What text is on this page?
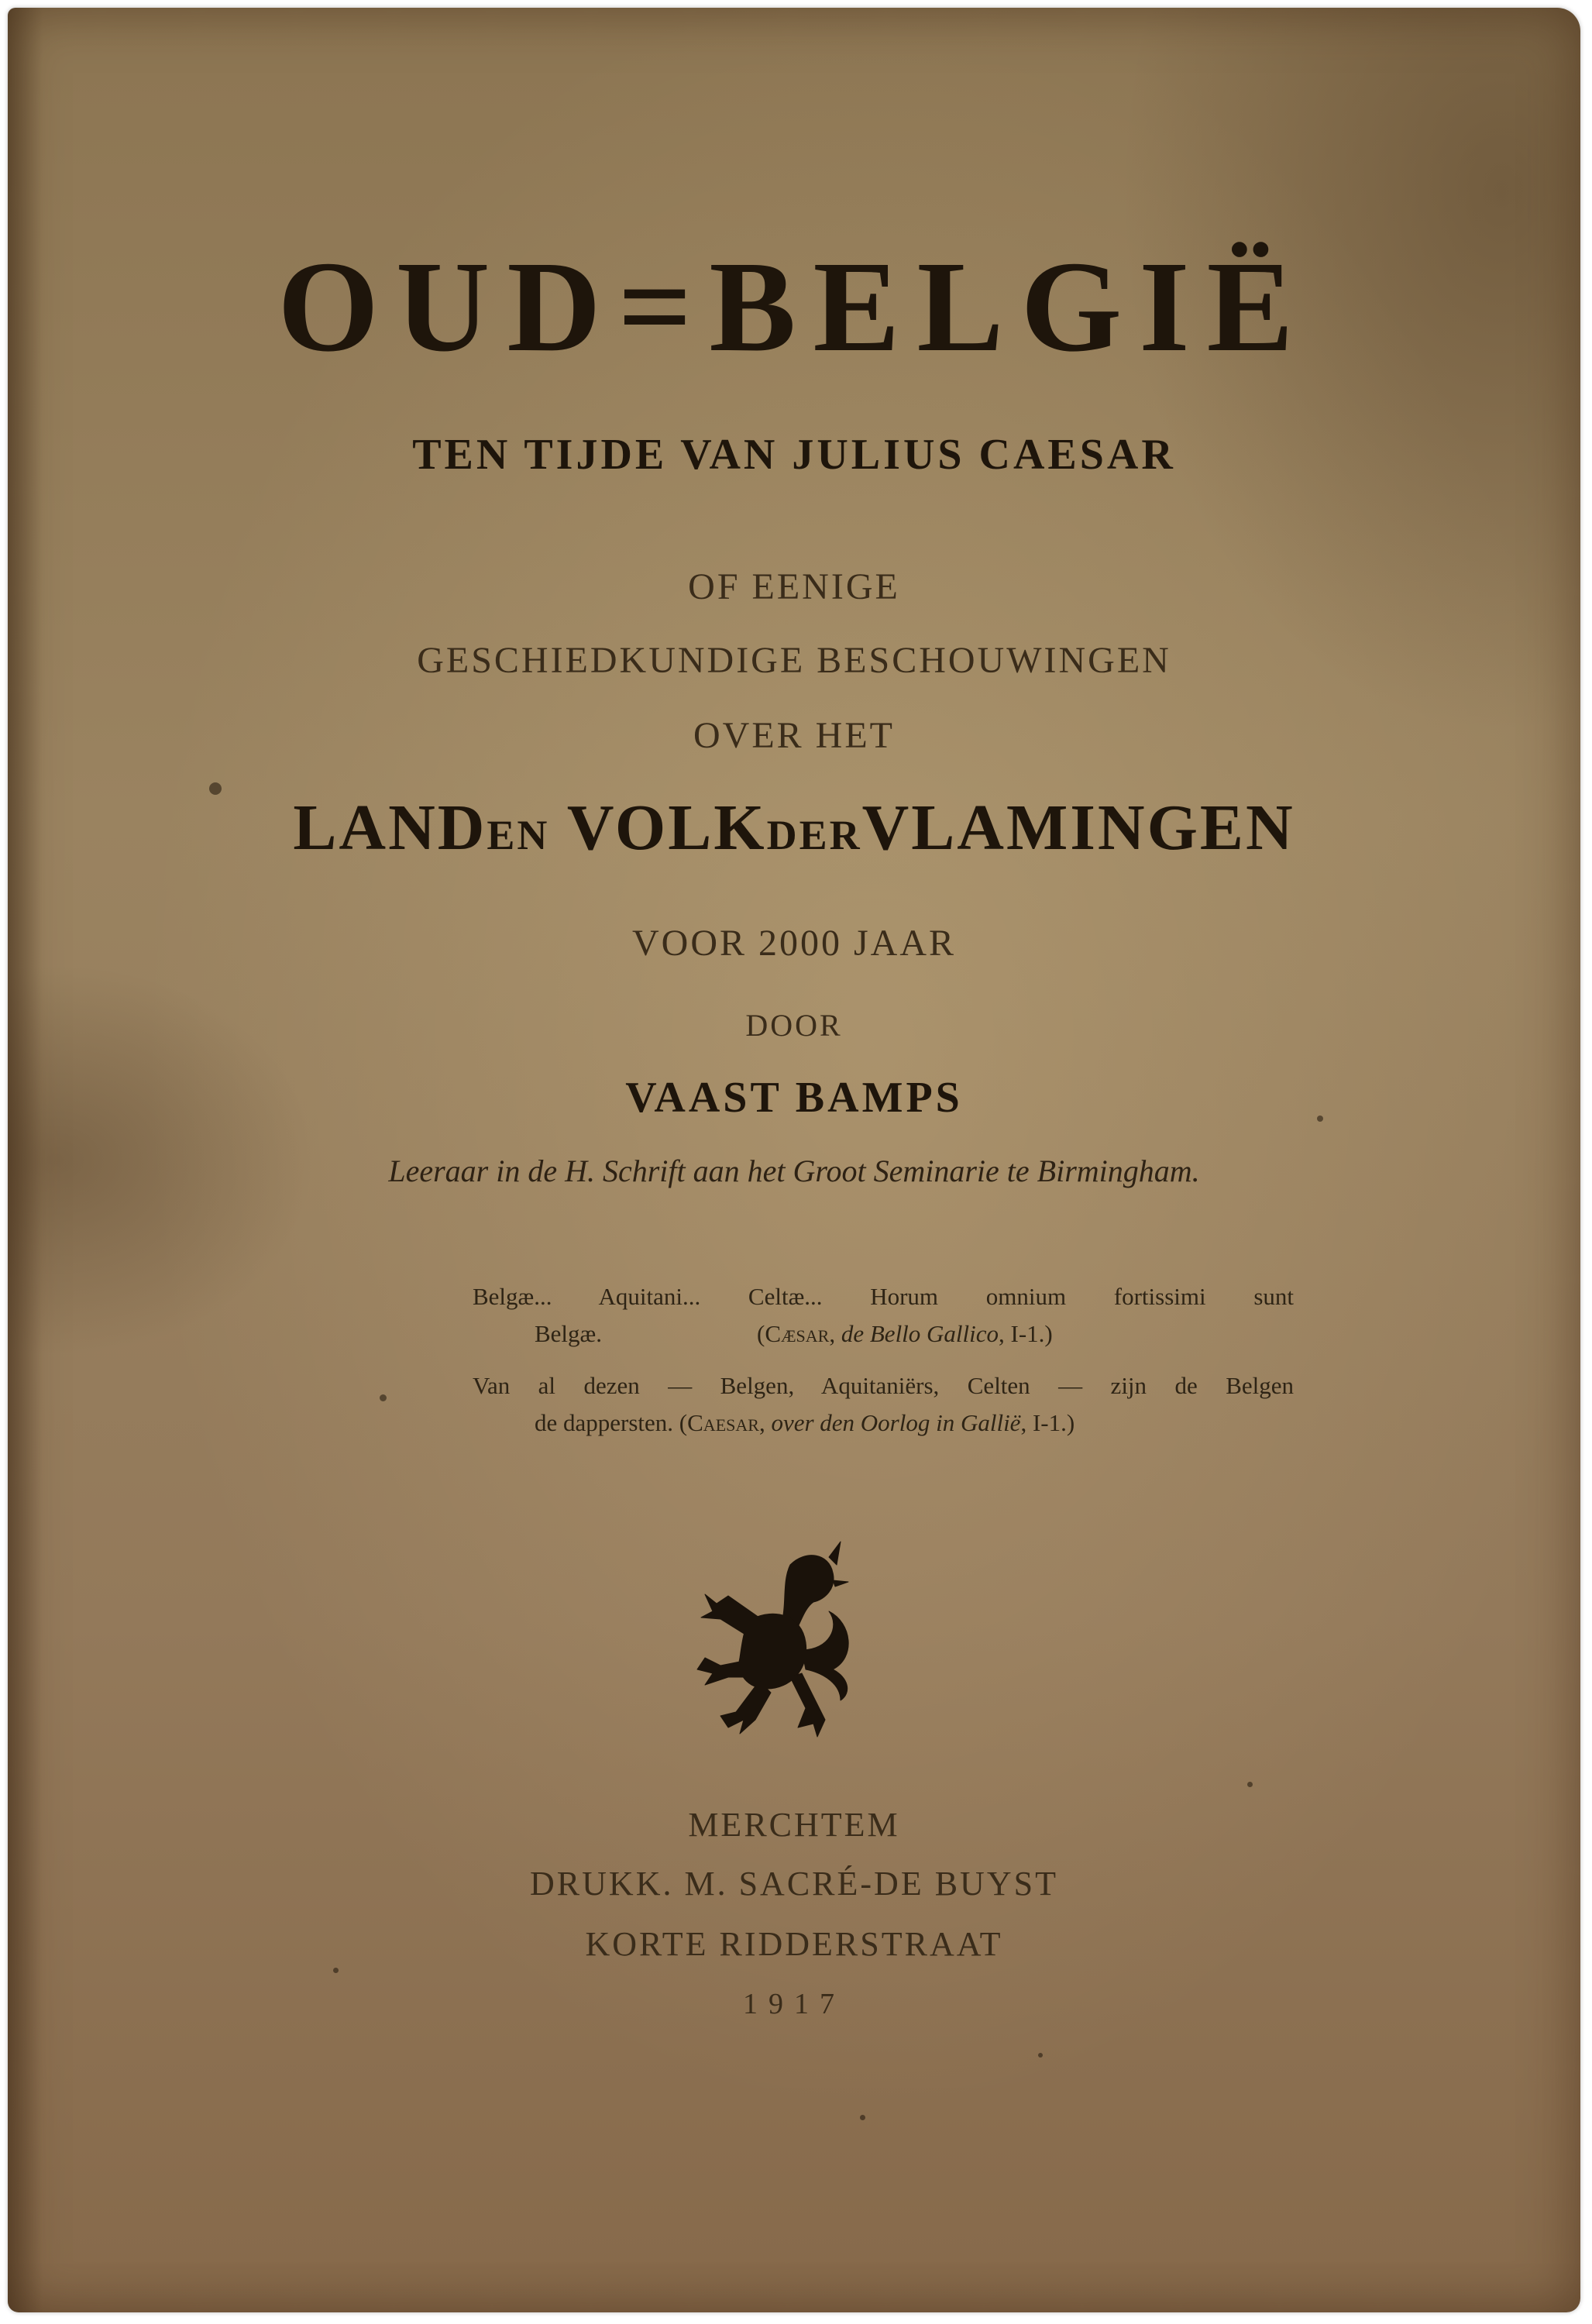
OUD=BELGIË
TEN TIJDE VAN JULIUS CAESAR
OF EENIGE
GESCHIEDKUNDIGE BESCHOUWINGEN
OVER HET
LANDEN VOLKDERVLAMINGEN
VOOR 2000 JAAR
DOOR
VAAST BAMPS
Leeraar in de H. Schrift aan het Groot Seminarie te Birmingham.
Belgæ... Aquitani... Celtæ... Horum omnium fortissimi sunt
Belgæ.	(Cæsar, de Bello Gallico, I-1.)
Van al dezen — Belgen, Aquitaniërs, Celten — zijn de Belgen
de dappersten. (Caesar, over den Oorlog in Gallië, I-1.)
MERCHTEM
DRUKK. M. SACRÉ-DE BUYST
KORTE RIDDERSTRAAT
1917
